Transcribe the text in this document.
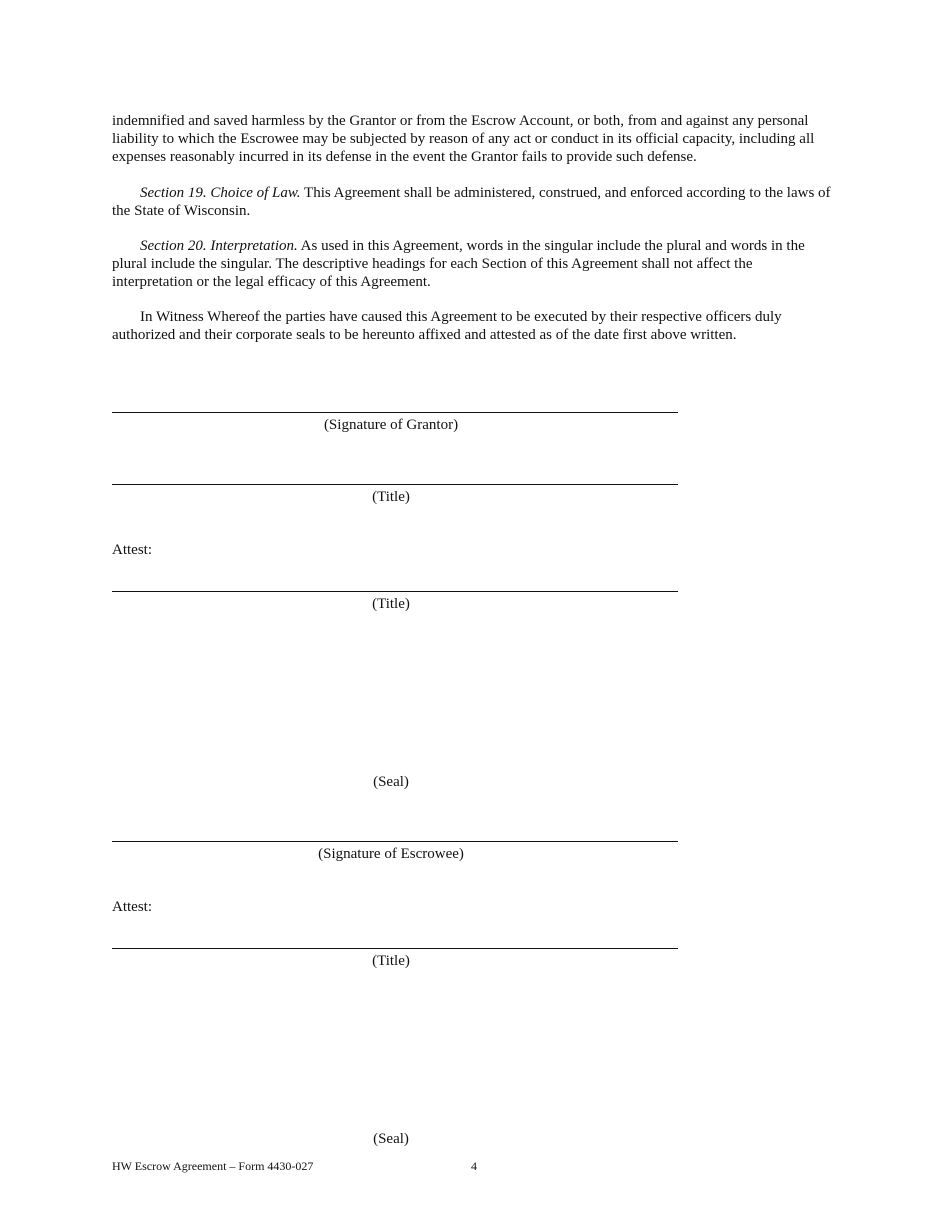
indemnified and saved harmless by the Grantor or from the Escrow Account, or both, from and against any personal liability to which the Escrowee may be subjected by reason of any act or conduct in its official capacity, including all expenses reasonably incurred in its defense in the event the Grantor fails to provide such defense.

Section 19. Choice of Law. This Agreement shall be administered, construed, and enforced according to the laws of the State of Wisconsin.

Section 20. Interpretation. As used in this Agreement, words in the singular include the plural and words in the plural include the singular. The descriptive headings for each Section of this Agreement shall not affect the interpretation or the legal efficacy of this Agreement.

In Witness Whereof the parties have caused this Agreement to be executed by their respective officers duly authorized and their corporate seals to be hereunto affixed and attested as of the date first above written.

(Signature of Grantor)
(Title)
Attest:
(Title)
(Seal)
(Signature of Escrowee)
Attest:
(Title)
(Seal)
HW Escrow Agreement – Form 4430-027	4
